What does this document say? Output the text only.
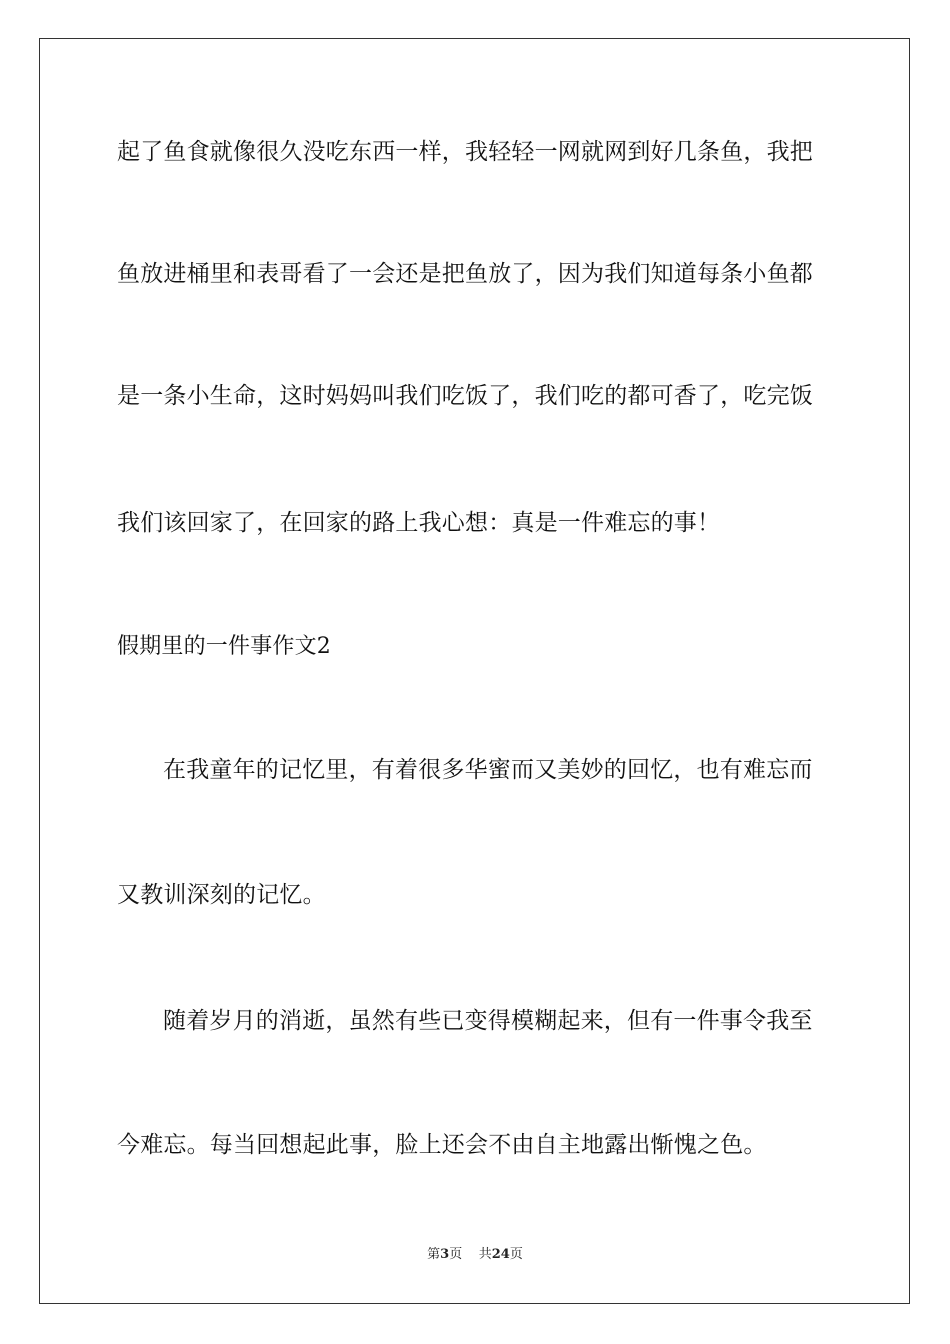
起了鱼食就像很久没吃东西一样，我轻轻一网就网到好几条鱼，我把
鱼放进桶里和表哥看了一会还是把鱼放了，因为我们知道每条小鱼都
是一条小生命，这时妈妈叫我们吃饭了，我们吃的都可香了，吃完饭
我们该回家了，在回家的路上我心想：真是一件难忘的事！
假期里的一件事作文2
在我童年的记忆里，有着很多华蜜而又美妙的回忆，也有难忘而
又教训深刻的记忆。
随着岁月的消逝，虽然有些已变得模糊起来，但有一件事令我至
今难忘。每当回想起此事，脸上还会不由自主地露出惭愧之色。
第3页 共24页
